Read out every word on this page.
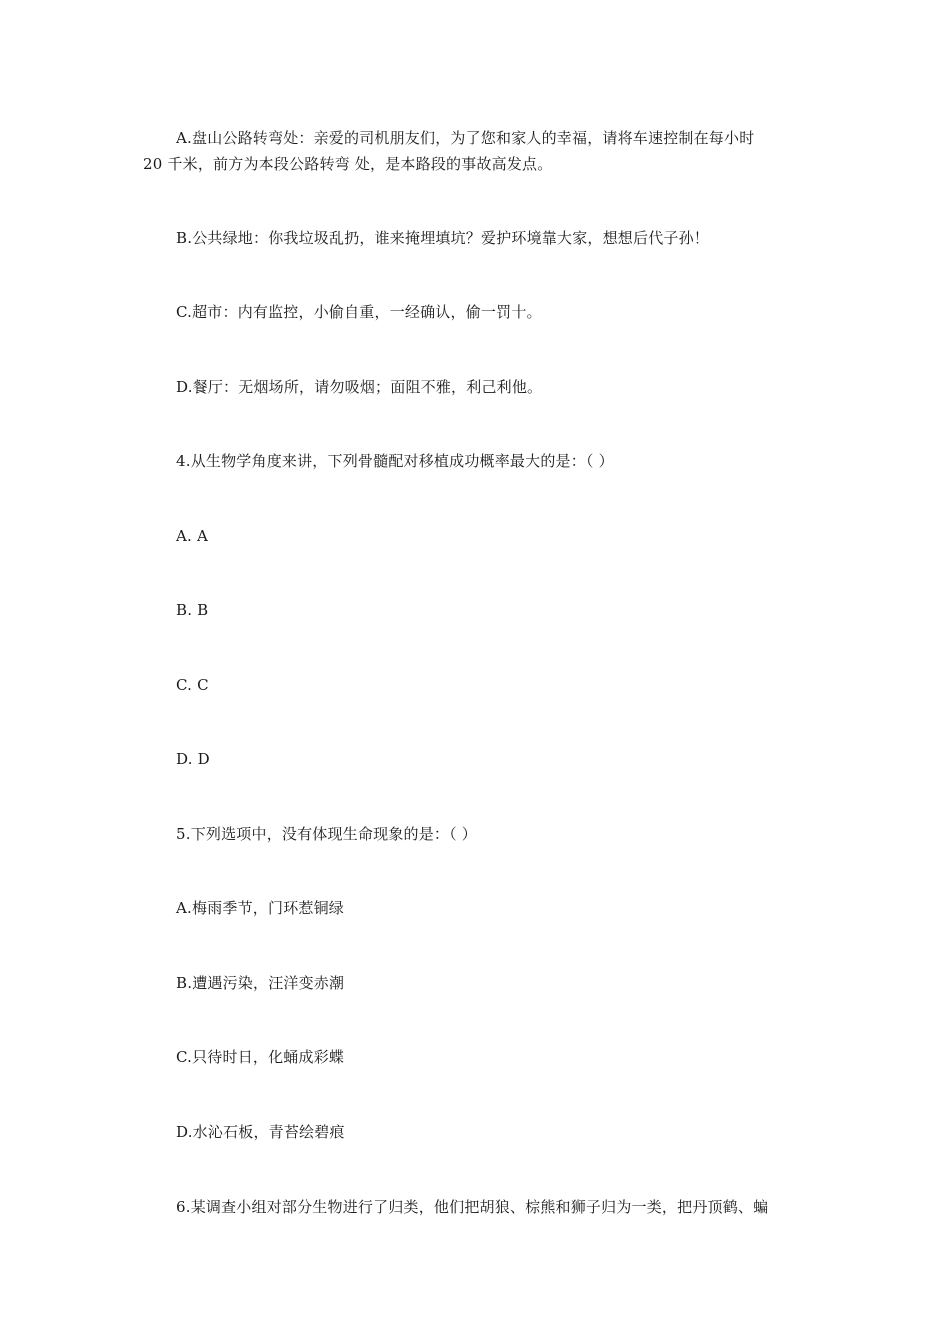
A.盘山公路转弯处：亲爱的司机朋友们，为了您和家人的幸福，请将车速控制在每小时
20 千米，前方为本段公路转弯 处，是本路段的事故高发点。
B.公共绿地：你我垃圾乱扔，谁来掩埋填坑？爱护环境靠大家，想想后代子孙！
C.超市：内有监控，小偷自重，一经确认，偷一罚十。
D.餐厅：无烟场所，请勿吸烟；面阻不雅，利己利他。
4.从生物学角度来讲，下列骨髓配对移植成功概率最大的是：（ ）
A. A
B. B
C. C
D. D
5.下列选项中，没有体现生命现象的是：（ ）
A.梅雨季节，门环惹铜绿
B.遭遇污染，汪洋变赤潮
C.只待时日，化蛹成彩蝶
D.水沁石板，青苔绘碧痕
6.某调查小组对部分生物进行了归类，他们把胡狼、棕熊和狮子归为一类，把丹顶鹤、蝙
